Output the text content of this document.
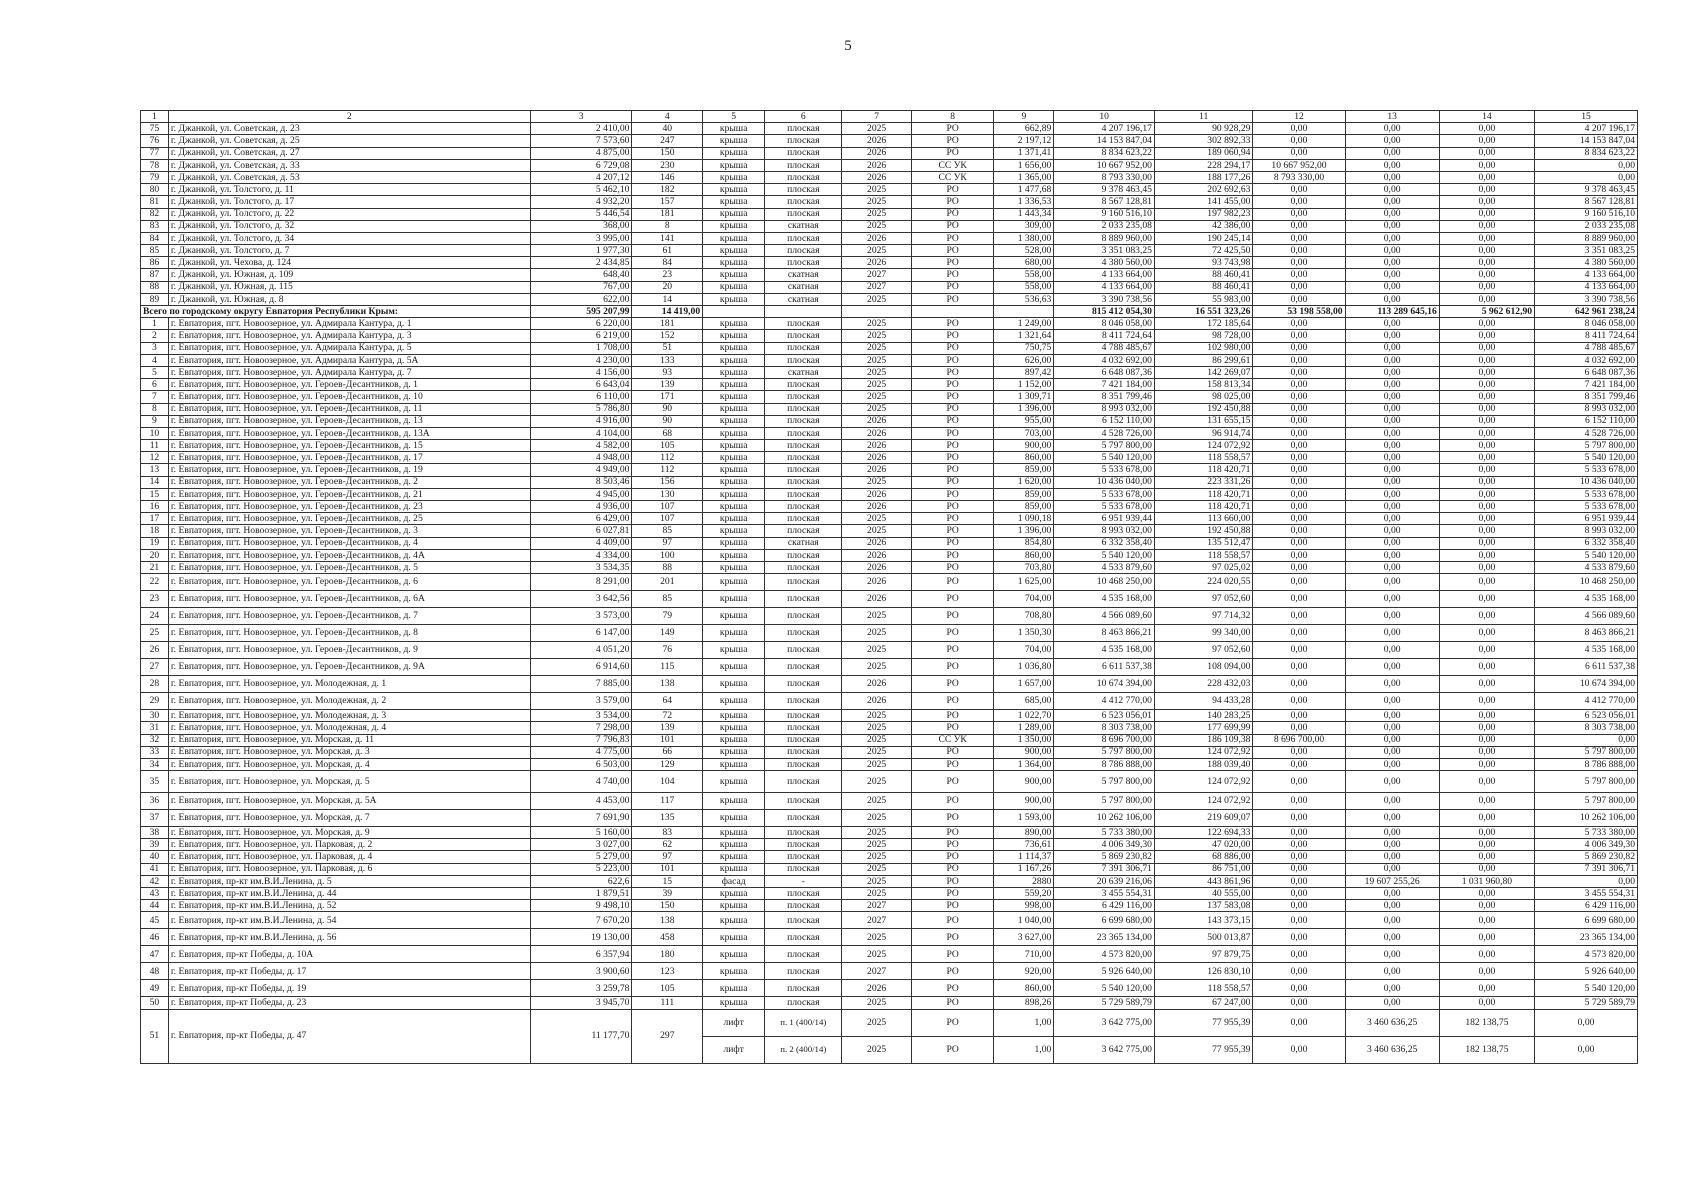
5
1	2	3	4	5	6	7	8	9	10	11	12	13	14	15
75	г. Джанкой, ул. Советская, д. 23	2 410,00	40	крыша	плоская	2025	РО	662,89	4 207 196,17	90 928,29	0,00	0,00	0,00	4 207 196,17
76	г. Джанкой, ул. Советская, д. 25	7 573,60	247	крыша	плоская	2026	РО	2 197,12	14 153 847,04	302 892,33	0,00	0,00	0,00	14 153 847,04
77	г. Джанкой, ул. Советская, д. 27	4 875,00	150	крыша	плоская	2026	РО	1 371,41	8 834 623,22	189 060,94	0,00	0,00	0,00	8 834 623,22
78	г. Джанкой, ул. Советская, д. 33	6 729,08	230	крыша	плоская	2026	СС УК	1 656,00	10 667 952,00	228 294,17	10 667 952,00	0,00	0,00	0,00
79	г. Джанкой, ул. Советская, д. 53	4 207,12	146	крыша	плоская	2026	СС УК	1 365,00	8 793 330,00	188 177,26	8 793 330,00	0,00	0,00	0,00
80	г. Джанкой, ул. Толстого, д. 11	5 462,10	182	крыша	плоская	2025	РО	1 477,68	9 378 463,45	202 692,63	0,00	0,00	0,00	9 378 463,45
81	г. Джанкой, ул. Толстого, д. 17	4 932,20	157	крыша	плоская	2025	РО	1 336,53	8 567 128,81	141 455,00	0,00	0,00	0,00	8 567 128,81
82	г. Джанкой, ул. Толстого, д. 22	5 446,54	181	крыша	плоская	2025	РО	1 443,34	9 160 516,10	197 982,23	0,00	0,00	0,00	9 160 516,10
83	г. Джанкой, ул. Толстого, д. 32	368,00	8	крыша	скатная	2025	РО	309,00	2 033 235,08	42 386,00	0,00	0,00	0,00	2 033 235,08
84	г. Джанкой, ул. Толстого, д. 34	3 995,00	141	крыша	плоская	2026	РО	1 380,00	8 889 960,00	190 245,14	0,00	0,00	0,00	8 889 960,00
85	г. Джанкой, ул. Толстого, д. 7	1 977,30	61	крыша	плоская	2025	РО	528,00	3 351 083,25	72 425,50	0,00	0,00	0,00	3 351 083,25
86	г. Джанкой, ул. Чехова, д. 124	2 434,85	84	крыша	плоская	2026	РО	680,00	4 380 560,00	93 743,98	0,00	0,00	0,00	4 380 560,00
87	г. Джанкой, ул. Южная, д. 109	648,40	23	крыша	скатная	2027	РО	558,00	4 133 664,00	88 460,41	0,00	0,00	0,00	4 133 664,00
88	г. Джанкой, ул. Южная, д. 115	767,00	20	крыша	скатная	2027	РО	558,00	4 133 664,00	88 460,41	0,00	0,00	0,00	4 133 664,00
89	г. Джанкой, ул. Южная, д. 8	622,00	14	крыша	скатная	2025	РО	536,63	3 390 738,56	55 983,00	0,00	0,00	0,00	3 390 738,56
Всего по городскому округу Евпатория Республики Крым:		595 207,99	14 419,00						815 412 054,30	16 551 323,26	53 198 558,00	113 289 645,16	5 962 612,90	642 961 238,24
1	г. Евпатория, пгт. Новоозерное, ул. Адмирала Кантура, д. 1	6 220,00	181	крыша	плоская	2025	РО	1 249,00	8 046 058,00	172 185,64	0,00	0,00	0,00	8 046 058,00
2	г. Евпатория, пгт. Новоозерное, ул. Адмирала Кантура, д. 3	6 219,00	152	крыша	плоская	2025	РО	1 321,64	8 411 724,64	98 728,00	0,00	0,00	0,00	8 411 724,64
3	г. Евпатория, пгт. Новоозерное, ул. Адмирала Кантура, д. 5	1 708,00	51	крыша	плоская	2025	РО	750,75	4 788 485,67	102 980,00	0,00	0,00	0,00	4 788 485,67
4	г. Евпатория, пгт. Новоозерное, ул. Адмирала Кантура, д. 5А	4 230,00	133	крыша	плоская	2025	РО	626,00	4 032 692,00	86 299,61	0,00	0,00	0,00	4 032 692,00
5	г. Евпатория, пгт. Новоозерное, ул. Адмирала Кантура, д. 7	4 156,00	93	крыша	скатная	2025	РО	897,42	6 648 087,36	142 269,07	0,00	0,00	0,00	6 648 087,36
6	г. Евпатория, пгт. Новоозерное, ул. Героев-Десантников, д. 1	6 643,04	139	крыша	плоская	2025	РО	1 152,00	7 421 184,00	158 813,34	0,00	0,00	0,00	7 421 184,00
7	г. Евпатория, пгт. Новоозерное, ул. Героев-Десантников, д. 10	6 110,00	171	крыша	плоская	2025	РО	1 309,71	8 351 799,46	98 025,00	0,00	0,00	0,00	8 351 799,46
8	г. Евпатория, пгт. Новоозерное, ул. Героев-Десантников, д. 11	5 786,80	90	крыша	плоская	2025	РО	1 396,00	8 993 032,00	192 450,88	0,00	0,00	0,00	8 993 032,00
9	г. Евпатория, пгт. Новоозерное, ул. Героев-Десантников, д. 13	4 916,00	90	крыша	плоская	2026	РО	955,00	6 152 110,00	131 655,15	0,00	0,00	0,00	6 152 110,00
10	г. Евпатория, пгт. Новоозерное, ул. Героев-Десантников, д. 13А	4 104,00	68	крыша	плоская	2026	РО	703,00	4 528 726,00	96 914,74	0,00	0,00	0,00	4 528 726,00
11	г. Евпатория, пгт. Новоозерное, ул. Героев-Десантников, д. 15	4 582,00	105	крыша	плоская	2026	РО	900,00	5 797 800,00	124 072,92	0,00	0,00	0,00	5 797 800,00
12	г. Евпатория, пгт. Новоозерное, ул. Героев-Десантников, д. 17	4 948,00	112	крыша	плоская	2026	РО	860,00	5 540 120,00	118 558,57	0,00	0,00	0,00	5 540 120,00
13	г. Евпатория, пгт. Новоозерное, ул. Героев-Десантников, д. 19	4 949,00	112	крыша	плоская	2026	РО	859,00	5 533 678,00	118 420,71	0,00	0,00	0,00	5 533 678,00
14	г. Евпатория, пгт. Новоозерное, ул. Героев-Десантников, д. 2	8 503,46	156	крыша	плоская	2025	РО	1 620,00	10 436 040,00	223 331,26	0,00	0,00	0,00	10 436 040,00
15	г. Евпатория, пгт. Новоозерное, ул. Героев-Десантников, д. 21	4 945,00	130	крыша	плоская	2026	РО	859,00	5 533 678,00	118 420,71	0,00	0,00	0,00	5 533 678,00
16	г. Евпатория, пгт. Новоозерное, ул. Героев-Десантников, д. 23	4 936,00	107	крыша	плоская	2026	РО	859,00	5 533 678,00	118 420,71	0,00	0,00	0,00	5 533 678,00
17	г. Евпатория, пгт. Новоозерное, ул. Героев-Десантников, д. 25	6 429,00	107	крыша	плоская	2025	РО	1 090,18	6 951 939,44	113 660,00	0,00	0,00	0,00	6 951 939,44
18	г. Евпатория, пгт. Новоозерное, ул. Героев-Десантников, д. 3	6 027,81	85	крыша	плоская	2025	РО	1 396,00	8 993 032,00	192 450,88	0,00	0,00	0,00	8 993 032,00
19	г. Евпатория, пгт. Новоозерное, ул. Героев-Десантников, д. 4	4 409,00	97	крыша	скатная	2026	РО	854,80	6 332 358,40	135 512,47	0,00	0,00	0,00	6 332 358,40
20	г. Евпатория, пгт. Новоозерное, ул. Героев-Десантников, д. 4А	4 334,00	100	крыша	плоская	2026	РО	860,00	5 540 120,00	118 558,57	0,00	0,00	0,00	5 540 120,00
21	г. Евпатория, пгт. Новоозерное, ул. Героев-Десантников, д. 5	3 534,35	88	крыша	плоская	2026	РО	703,80	4 533 879,60	97 025,02	0,00	0,00	0,00	4 533 879,60
22	г. Евпатория, пгт. Новоозерное, ул. Героев-Десантников, д. 6	8 291,00	201	крыша	плоская	2026	РО	1 625,00	10 468 250,00	224 020,55	0,00	0,00	0,00	10 468 250,00
23	г. Евпатория, пгт. Новоозерное, ул. Героев-Десантников, д. 6А	3 642,56	85	крыша	плоская	2026	РО	704,00	4 535 168,00	97 052,60	0,00	0,00	0,00	4 535 168,00
24	г. Евпатория, пгт. Новоозерное, ул. Героев-Десантников, д. 7	3 573,00	79	крыша	плоская	2025	РО	708,80	4 566 089,60	97 714,32	0,00	0,00	0,00	4 566 089,60
25	г. Евпатория, пгт. Новоозерное, ул. Героев-Десантников, д. 8	6 147,00	149	крыша	плоская	2025	РО	1 350,30	8 463 866,21	99 340,00	0,00	0,00	0,00	8 463 866,21
26	г. Евпатория, пгт. Новоозерное, ул. Героев-Десантников, д. 9	4 051,20	76	крыша	плоская	2025	РО	704,00	4 535 168,00	97 052,60	0,00	0,00	0,00	4 535 168,00
27	г. Евпатория, пгт. Новоозерное, ул. Героев-Десантников, д. 9А	6 914,60	115	крыша	плоская	2025	РО	1 036,80	6 611 537,38	108 094,00	0,00	0,00	0,00	6 611 537,38
28	г. Евпатория, пгт. Новоозерное, ул. Молодежная, д. 1	7 885,00	138	крыша	плоская	2026	РО	1 657,00	10 674 394,00	228 432,03	0,00	0,00	0,00	10 674 394,00
29	г. Евпатория, пгт. Новоозерное, ул. Молодежная, д. 2	3 579,00	64	крыша	плоская	2026	РО	685,00	4 412 770,00	94 433,28	0,00	0,00	0,00	4 412 770,00
30	г. Евпатория, пгт. Новоозерное, ул. Молодежная, д. 3	3 534,00	72	крыша	плоская	2025	РО	1 022,70	6 523 056,01	140 283,25	0,00	0,00	0,00	6 523 056,01
31	г. Евпатория, пгт. Новоозерное, ул. Молодежная, д. 4	7 298,00	139	крыша	плоская	2025	РО	1 289,00	8 303 738,00	177 699,99	0,00	0,00	0,00	8 303 738,00
32	г. Евпатория, пгт. Новоозерное, ул. Морская, д. 11	7 796,83	101	крыша	плоская	2025	СС УК	1 350,00	8 696 700,00	186 109,38	8 696 700,00	0,00	0,00	0,00
33	г. Евпатория, пгт. Новоозерное, ул. Морская, д. 3	4 775,00	66	крыша	плоская	2025	РО	900,00	5 797 800,00	124 072,92	0,00	0,00	0,00	5 797 800,00
34	г. Евпатория, пгт. Новоозерное, ул. Морская, д. 4	6 503,00	129	крыша	плоская	2025	РО	1 364,00	8 786 888,00	188 039,40	0,00	0,00	0,00	8 786 888,00
35	г. Евпатория, пгт. Новоозерное, ул. Морская, д. 5	4 740,00	104	крыша	плоская	2025	РО	900,00	5 797 800,00	124 072,92	0,00	0,00	0,00	5 797 800,00
36	г. Евпатория, пгт. Новоозерное, ул. Морская, д. 5А	4 453,00	117	крыша	плоская	2025	РО	900,00	5 797 800,00	124 072,92	0,00	0,00	0,00	5 797 800,00
37	г. Евпатория, пгт. Новоозерное, ул. Морская, д. 7	7 691,90	135	крыша	плоская	2025	РО	1 593,00	10 262 106,00	219 609,07	0,00	0,00	0,00	10 262 106,00
38	г. Евпатория, пгт. Новоозерное, ул. Морская, д. 9	5 160,00	83	крыша	плоская	2025	РО	890,00	5 733 380,00	122 694,33	0,00	0,00	0,00	5 733 380,00
39	г. Евпатория, пгт. Новоозерное, ул. Парковая, д. 2	3 027,00	62	крыша	плоская	2025	РО	736,61	4 006 349,30	47 020,00	0,00	0,00	0,00	4 006 349,30
40	г. Евпатория, пгт. Новоозерное, ул. Парковая, д. 4	5 279,00	97	крыша	плоская	2025	РО	1 114,37	5 869 230,82	68 886,00	0,00	0,00	0,00	5 869 230,82
41	г. Евпатория, пгт. Новоозерное, ул. Парковая, д. 6	5 223,00	101	крыша	плоская	2025	РО	1 167,26	7 391 306,71	86 751,00	0,00	0,00	0,00	7 391 306,71
42	г. Евпатория, пр-кт им.В.И.Ленина, д. 5	622,6	15	фасад	-	2025	РО	2880	20 639 216,06	443 861,96	0,00	19 607 255,26	1 031 960,80	0,00
43	г. Евпатория, пр-кт им.В.И.Ленина, д. 44	1 879,51	39	крыша	плоская	2025	РО	559,20	3 455 554,31	40 555,00	0,00	0,00	0,00	3 455 554,31
44	г. Евпатория, пр-кт им.В.И.Ленина, д. 52	9 498,10	150	крыша	плоская	2027	РО	998,00	6 429 116,00	137 583,08	0,00	0,00	0,00	6 429 116,00
45	г. Евпатория, пр-кт им.В.И.Ленина, д. 54	7 670,20	138	крыша	плоская	2027	РО	1 040,00	6 699 680,00	143 373,15	0,00	0,00	0,00	6 699 680,00
46	г. Евпатория, пр-кт им.В.И.Ленина, д. 56	19 130,00	458	крыша	плоская	2025	РО	3 627,00	23 365 134,00	500 013,87	0,00	0,00	0,00	23 365 134,00
47	г. Евпатория, пр-кт Победы, д. 10А	6 357,94	180	крыша	плоская	2025	РО	710,00	4 573 820,00	97 879,75	0,00	0,00	0,00	4 573 820,00
48	г. Евпатория, пр-кт Победы, д. 17	3 900,60	123	крыша	плоская	2027	РО	920,00	5 926 640,00	126 830,10	0,00	0,00	0,00	5 926 640,00
49	г. Евпатория, пр-кт Победы, д. 19	3 259,78	105	крыша	плоская	2026	РО	860,00	5 540 120,00	118 558,57	0,00	0,00	0,00	5 540 120,00
50	г. Евпатория, пр-кт Победы, д. 23	3 945,70	111	крыша	плоская	2025	РО	898,26	5 729 589,79	67 247,00	0,00	0,00	0,00	5 729 589,79
51	г. Евпатория, пр-кт Победы, д. 47	11 177,70	297	лифт	п. 1 (400/14)	2025	РО	1,00	3 642 775,00	77 955,39	0,00	3 460 636,25	182 138,75	0,00
				лифт	п. 2 (400/14)	2025	РО	1,00	3 642 775,00	77 955,39	0,00	3 460 636,25	182 138,75	0,00
